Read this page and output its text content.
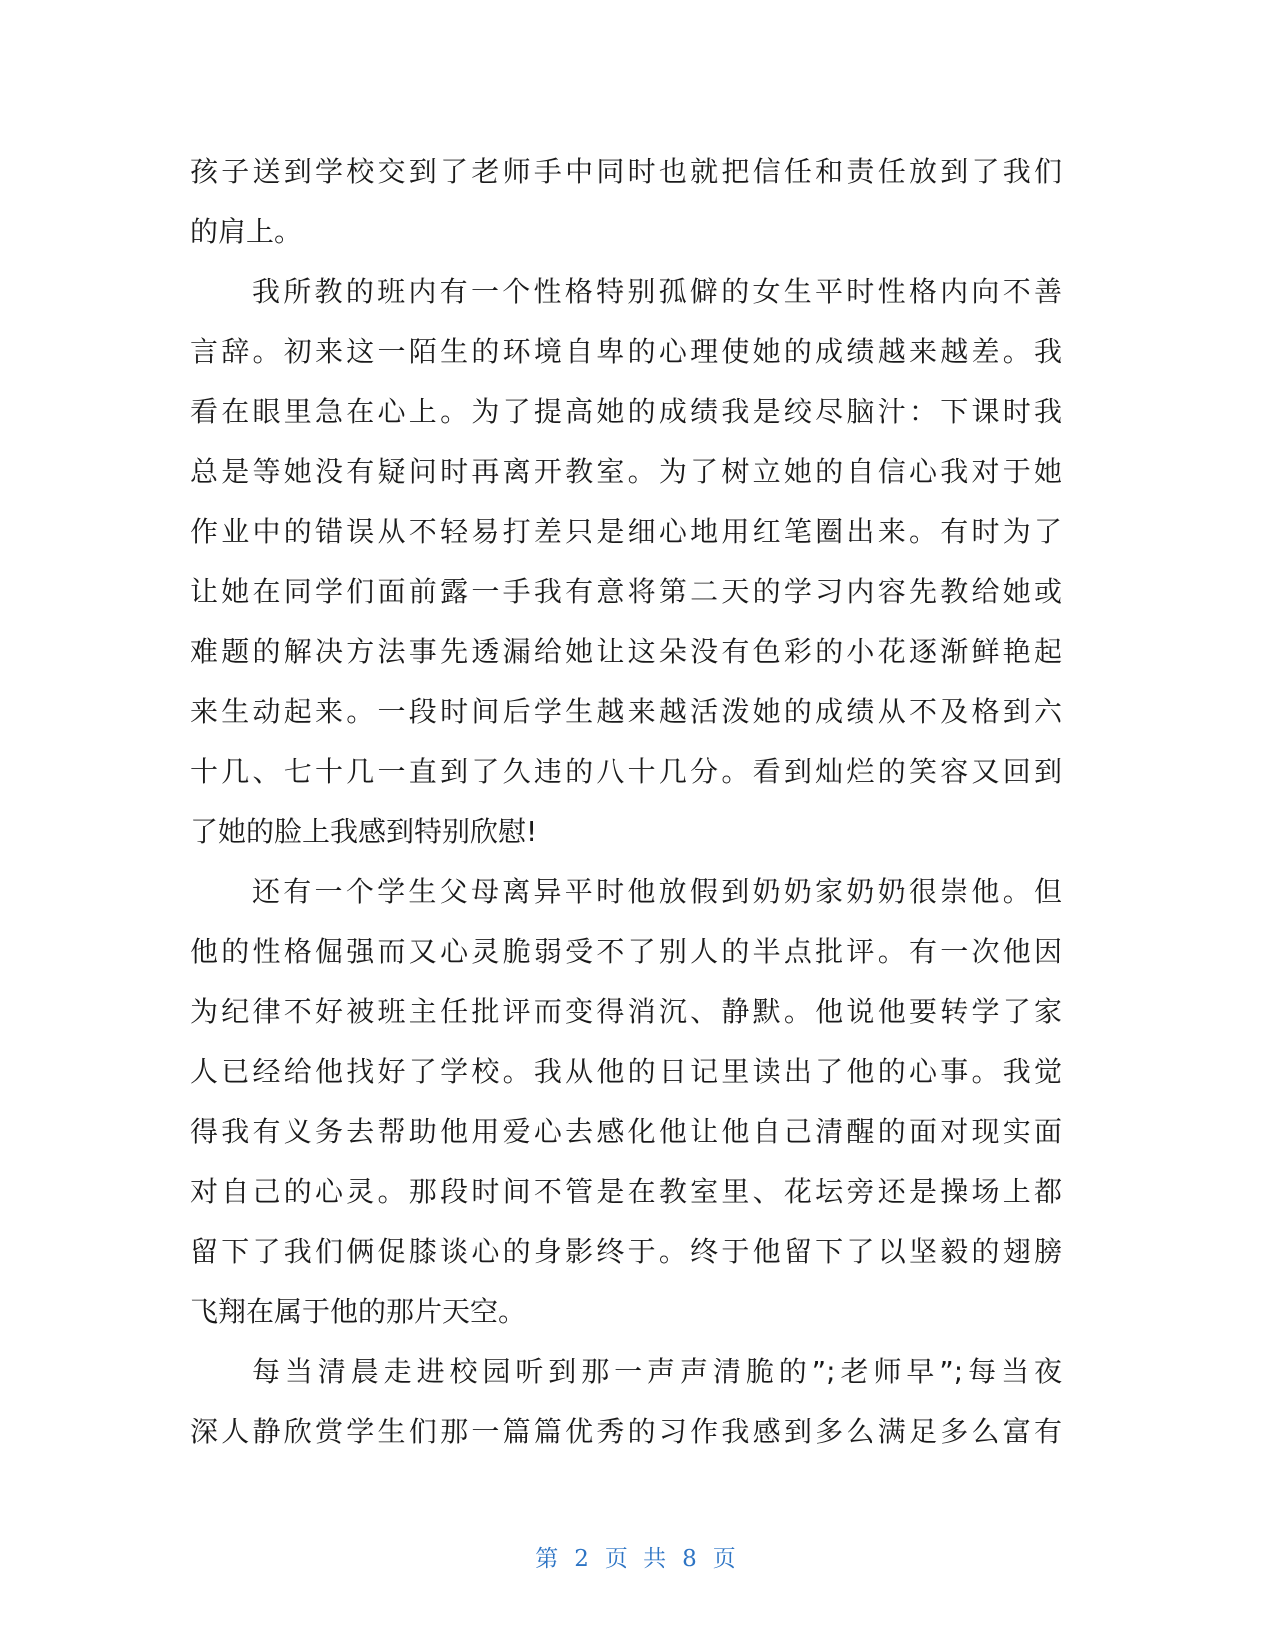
孩子送到学校交到了老师手中同时也就把信任和责任放到了我们
的肩上。
我所教的班内有一个性格特别孤僻的女生平时性格内向不善
言辞。初来这一陌生的环境自卑的心理使她的成绩越来越差。我
看在眼里急在心上。为了提高她的成绩我是绞尽脑汁：下课时我
总是等她没有疑问时再离开教室。为了树立她的自信心我对于她
作业中的错误从不轻易打差只是细心地用红笔圈出来。有时为了
让她在同学们面前露一手我有意将第二天的学习内容先教给她或
难题的解决方法事先透漏给她让这朵没有色彩的小花逐渐鲜艳起
来生动起来。一段时间后学生越来越活泼她的成绩从不及格到六
十几、七十几一直到了久违的八十几分。看到灿烂的笑容又回到
了她的脸上我感到特别欣慰!
还有一个学生父母离异平时他放假到奶奶家奶奶很崇他。但
他的性格倔强而又心灵脆弱受不了别人的半点批评。有一次他因
为纪律不好被班主任批评而变得消沉、静默。他说他要转学了家
人已经给他找好了学校。我从他的日记里读出了他的心事。我觉
得我有义务去帮助他用爱心去感化他让他自己清醒的面对现实面
对自己的心灵。那段时间不管是在教室里、花坛旁还是操场上都
留下了我们俩促膝谈心的身影终于。终于他留下了以坚毅的翅膀
飞翔在属于他的那片天空。
每当清晨走进校园听到那一声声清脆的”;老师早”;每当夜
深人静欣赏学生们那一篇篇优秀的习作我感到多么满足多么富有
第 2 页 共 8 页
